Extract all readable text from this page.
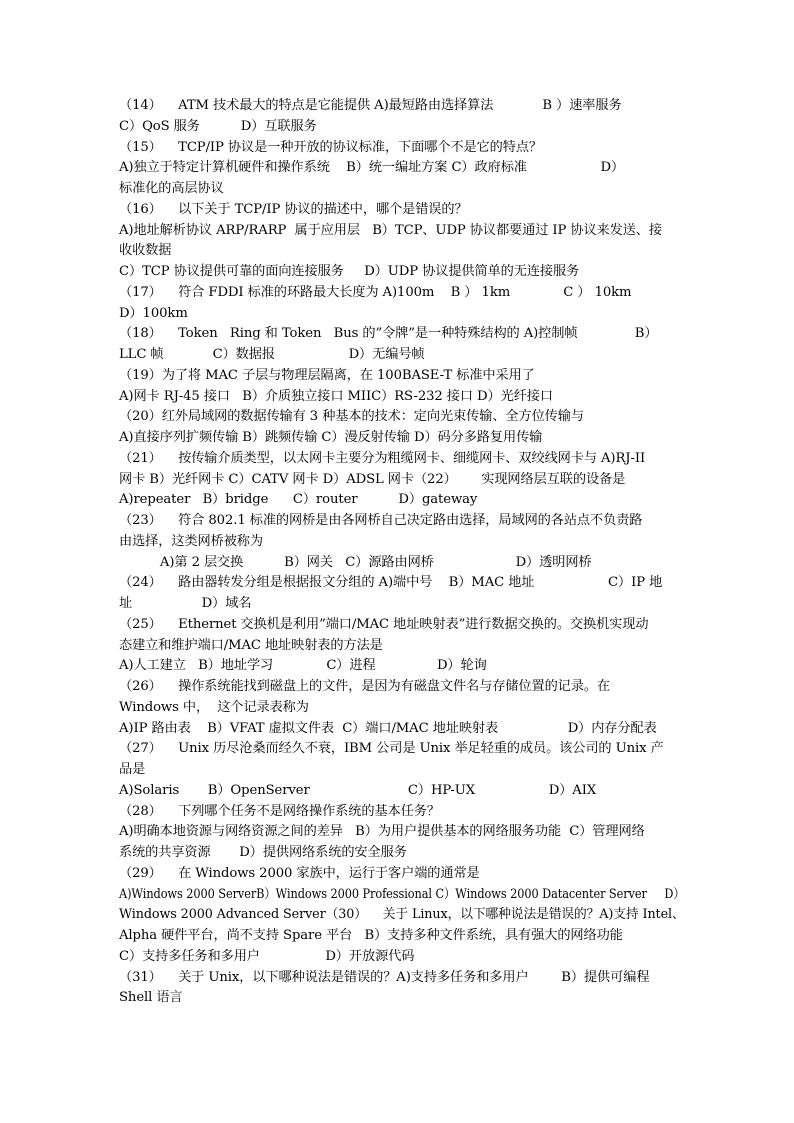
（14）    ATM 技术最大的特点是它能提供 A)最短路由选择算法            B ）速率服务
C）QoS 服务          D）互联服务
（15）    TCP/IP 协议是一种开放的协议标准，下面哪个不是它的特点？
A)独立于特定计算机硬件和操作系统    B）统一编址方案 C）政府标准                  D）
标准化的高层协议
（16）    以下关于 TCP/IP 协议的描述中，哪个是错误的？
A)地址解析协议 ARP/RARP  属于应用层   B）TCP、UDP 协议都要通过 IP 协议来发送、接
收收数据
C）TCP 协议提供可靠的面向连接服务     D）UDP 协议提供简单的无连接服务
（17）    符合 FDDI 标准的环路最大长度为 A)100m    B ） 1km             C ） 10km
D）100km
（18）    Token   Ring 和 Token   Bus 的”令牌”是一种特殊结构的 A)控制帧              B）
LLC 帧            C）数据报                  D）无编号帧
（19）为了将 MAC 子层与物理层隔离，在 100BASE-T 标准中采用了
A)网卡 RJ-45 接口   B）介质独立接口 MIIC）RS-232 接口 D）光纤接口
（20）红外局域网的数据传输有 3 种基本的技术：定向光束传输、全方位传输与
A)直接序列扩频传输 B）跳频传输 C）漫反射传输 D）码分多路复用传输
（21）    按传输介质类型，以太网卡主要分为粗缆网卡、细缆网卡、双绞线网卡与 A)RJ-II
网卡 B）光纤网卡 C）CATV 网卡 D）ADSL 网卡（22）      实现网络层互联的设备是
A)repeater   B）bridge      C）router          D）gateway
（23）    符合 802.1 标准的网桥是由各网桥自己决定路由选择，局域网的各站点不负责路
由选择，这类网桥被称为
A)第 2 层交换          B）网关   C）源路由网桥                    D）透明网桥
（24）    路由器转发分组是根据报文分组的 A)端中号    B）MAC 地址                  C）IP 地
址                 D）域名
（25）    Ethernet 交换机是利用”端口/MAC 地址映射表”进行数据交换的。交换机实现动
态建立和维护端口/MAC 地址映射表的方法是
A)人工建立   B）地址学习             C）进程               D）轮询
（26）    操作系统能找到磁盘上的文件，是因为有磁盘文件名与存储位置的记录。在
Windows 中，  这个记录表称为
A)IP 路由表    B）VFAT 虚拟文件表  C）端口/MAC 地址映射表                 D）内存分配表
（27）    Unix 历尽沧桑而经久不衰，IBM 公司是 Unix 举足轻重的成员。该公司的 Unix 产
品是
A)Solaris       B）OpenServer                        C）HP-UX                  D）AIX
（28）    下列哪个任务不是网络操作系统的基本任务？
A)明确本地资源与网络资源之间的差异   B）为用户提供基本的网络服务功能  C）管理网络
系统的共享资源       D）提供网络系统的安全服务
（29）    在 Windows 2000 家族中，运行于客户端的通常是
A)Windows 2000 ServerB）Windows 2000 Professional C）Windows 2000 Datacenter Server     D）
Windows 2000 Advanced Server（30）    关于 Linux，以下哪种说法是错误的？A)支持 Intel、
Alpha 硬件平台，尚不支持 Spare 平台   B）支持多种文件系统，具有强大的网络功能
C）支持多任务和多用户                D）开放源代码
（31）    关于 Unix，以下哪种说法是错误的？A)支持多任务和多用户        B）提供可编程
Shell 语言
